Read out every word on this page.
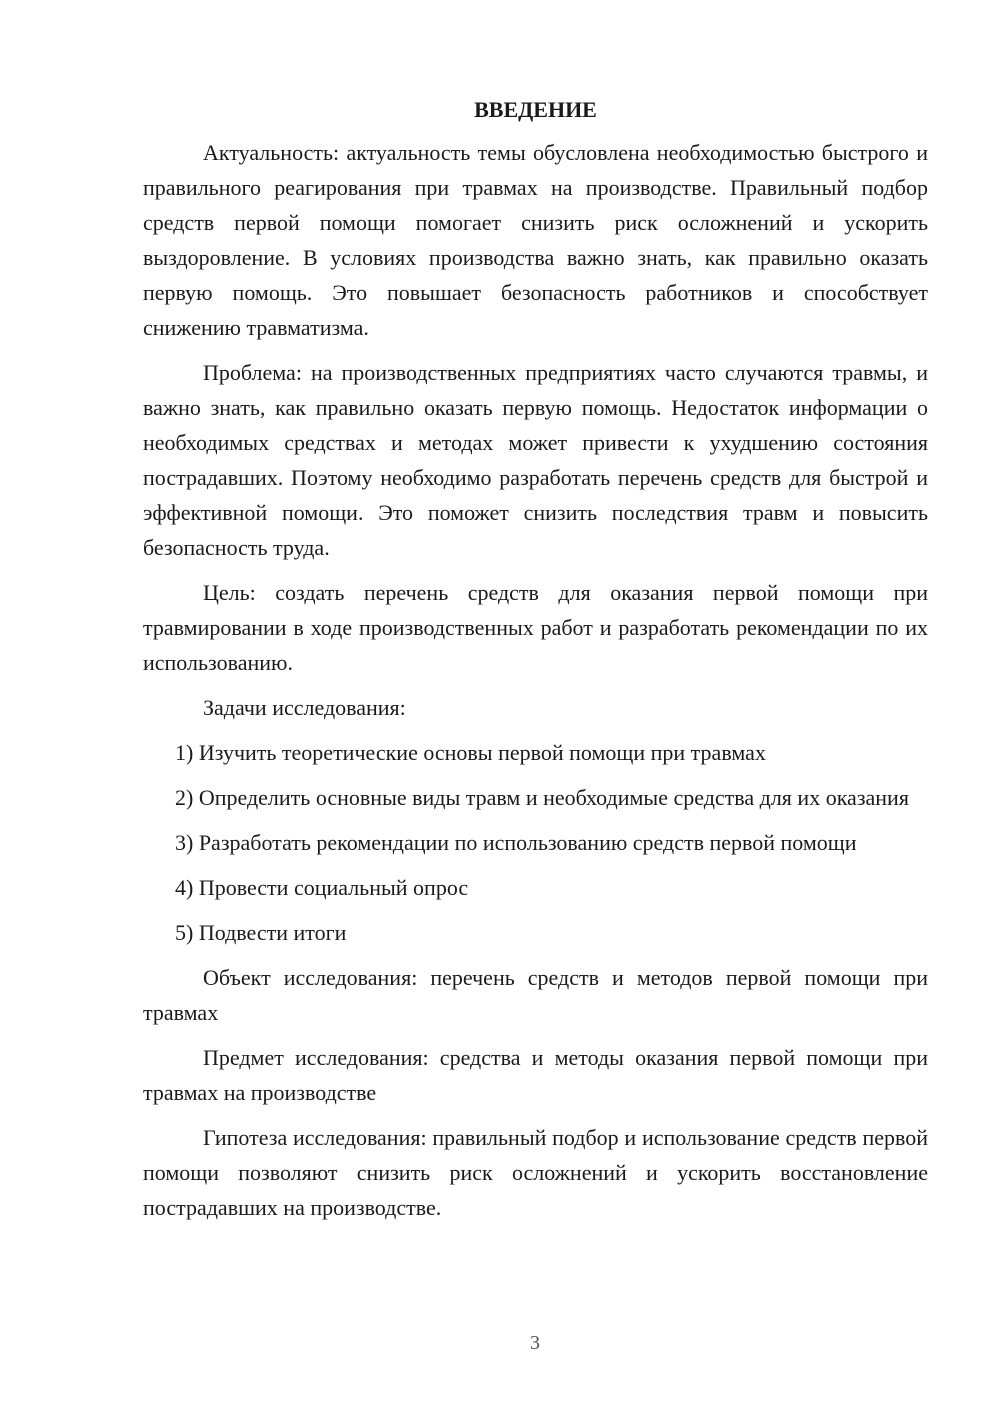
ВВЕДЕНИЕ

Актуальность: актуальность темы обусловлена необходимостью быстрого и правильного реагирования при травмах на производстве. Правильный подбор средств первой помощи помогает снизить риск осложнений и ускорить выздоровление. В условиях производства важно знать, как правильно оказать первую помощь. Это повышает безопасность работников и способствует снижению травматизма.

Проблема: на производственных предприятиях часто случаются травмы, и важно знать, как правильно оказать первую помощь. Недостаток информации о необходимых средствах и методах может привести к ухудшению состояния пострадавших. Поэтому необходимо разработать перечень средств для быстрой и эффективной помощи. Это поможет снизить последствия травм и повысить безопасность труда.

Цель: создать перечень средств для оказания первой помощи при травмировании в ходе производственных работ и разработать рекомендации по их использованию.

Задачи исследования:

1) Изучить теоретические основы первой помощи при травмах

2) Определить основные виды травм и необходимые средства для их оказания

3) Разработать рекомендации по использованию средств первой помощи

4) Провести социальный опрос

5) Подвести итоги

Объект исследования: перечень средств и методов первой помощи при травмах

Предмет исследования: средства и методы оказания первой помощи при травмах на производстве

Гипотеза исследования: правильный подбор и использование средств первой помощи позволяют снизить риск осложнений и ускорить восстановление пострадавших на производстве.

3
